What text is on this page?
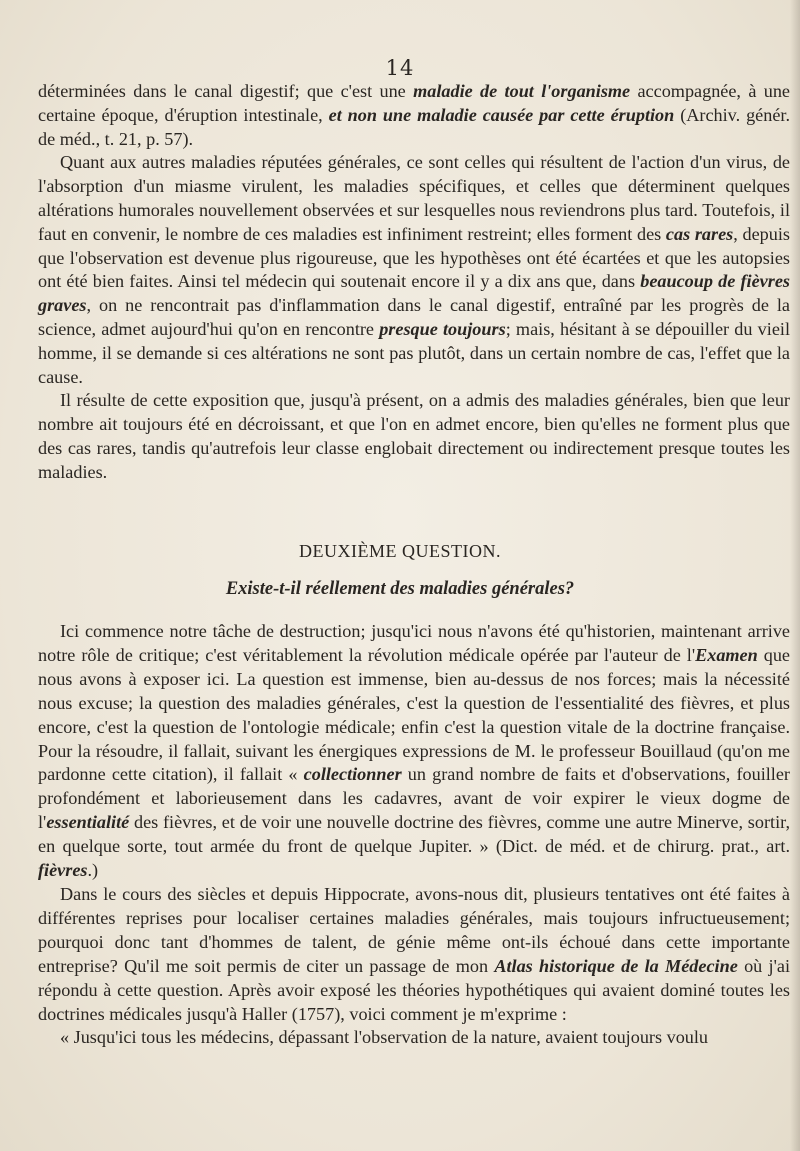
14

déterminées dans le canal digestif; que c'est une maladie de tout l'organisme accompagnée, à une certaine époque, d'éruption intestinale, et non une maladie causée par cette éruption (Archiv. génér. de méd., t. 21, p. 57).

Quant aux autres maladies réputées générales, ce sont celles qui résultent de l'action d'un virus, de l'absorption d'un miasme virulent, les maladies spécifiques, et celles que déterminent quelques altérations humorales nouvellement observées et sur lesquelles nous reviendrons plus tard. Toutefois, il faut en convenir, le nombre de ces maladies est infiniment restreint; elles forment des cas rares, depuis que l'observation est devenue plus rigoureuse, que les hypothèses ont été écartées et que les autopsies ont été bien faites. Ainsi tel médecin qui soutenait encore il y a dix ans que, dans beaucoup de fièvres graves, on ne rencontrait pas d'inflammation dans le canal digestif, entraîné par les progrès de la science, admet aujourd'hui qu'on en rencontre presque toujours; mais, hésitant à se dépouiller du vieil homme, il se demande si ces altérations ne sont pas plutôt, dans un certain nombre de cas, l'effet que la cause.

Il résulte de cette exposition que, jusqu'à présent, on a admis des maladies générales, bien que leur nombre ait toujours été en décroissant, et que l'on en admet encore, bien qu'elles ne forment plus que des cas rares, tandis qu'autrefois leur classe englobait directement ou indirectement presque toutes les maladies.

DEUXIÈME QUESTION.
Existe-t-il réellement des maladies générales?

Ici commence notre tâche de destruction; jusqu'ici nous n'avons été qu'historien, maintenant arrive notre rôle de critique; c'est véritablement la révolution médicale opérée par l'auteur de l'Examen que nous avons à exposer ici. La question est immense, bien au-dessus de nos forces; mais la nécessité nous excuse; la question des maladies générales, c'est la question de l'essentialité des fièvres, et plus encore, c'est la question de l'ontologie médicale; enfin c'est la question vitale de la doctrine française. Pour la résoudre, il fallait, suivant les énergiques expressions de M. le professeur Bouillaud (qu'on me pardonne cette citation), il fallait « collectionner un grand nombre de faits et d'observations, fouiller profondément et laborieusement dans les cadavres, avant de voir expirer le vieux dogme de l'essentialité des fièvres, et de voir une nouvelle doctrine des fièvres, comme une autre Minerve, sortir, en quelque sorte, tout armée du front de quelque Jupiter. » (Dict. de méd. et de chirurg. prat., art. fièvres.)

Dans le cours des siècles et depuis Hippocrate, avons-nous dit, plusieurs tentatives ont été faites à différentes reprises pour localiser certaines maladies générales, mais toujours infructueusement; pourquoi donc tant d'hommes de talent, de génie même ont-ils échoué dans cette importante entreprise? Qu'il me soit permis de citer un passage de mon Atlas historique de la Médecine où j'ai répondu à cette question. Après avoir exposé les théories hypothétiques qui avaient dominé toutes les doctrines médicales jusqu'à Haller (1757), voici comment je m'exprime :

« Jusqu'ici tous les médecins, dépassant l'observation de la nature, avaient toujours voulu
